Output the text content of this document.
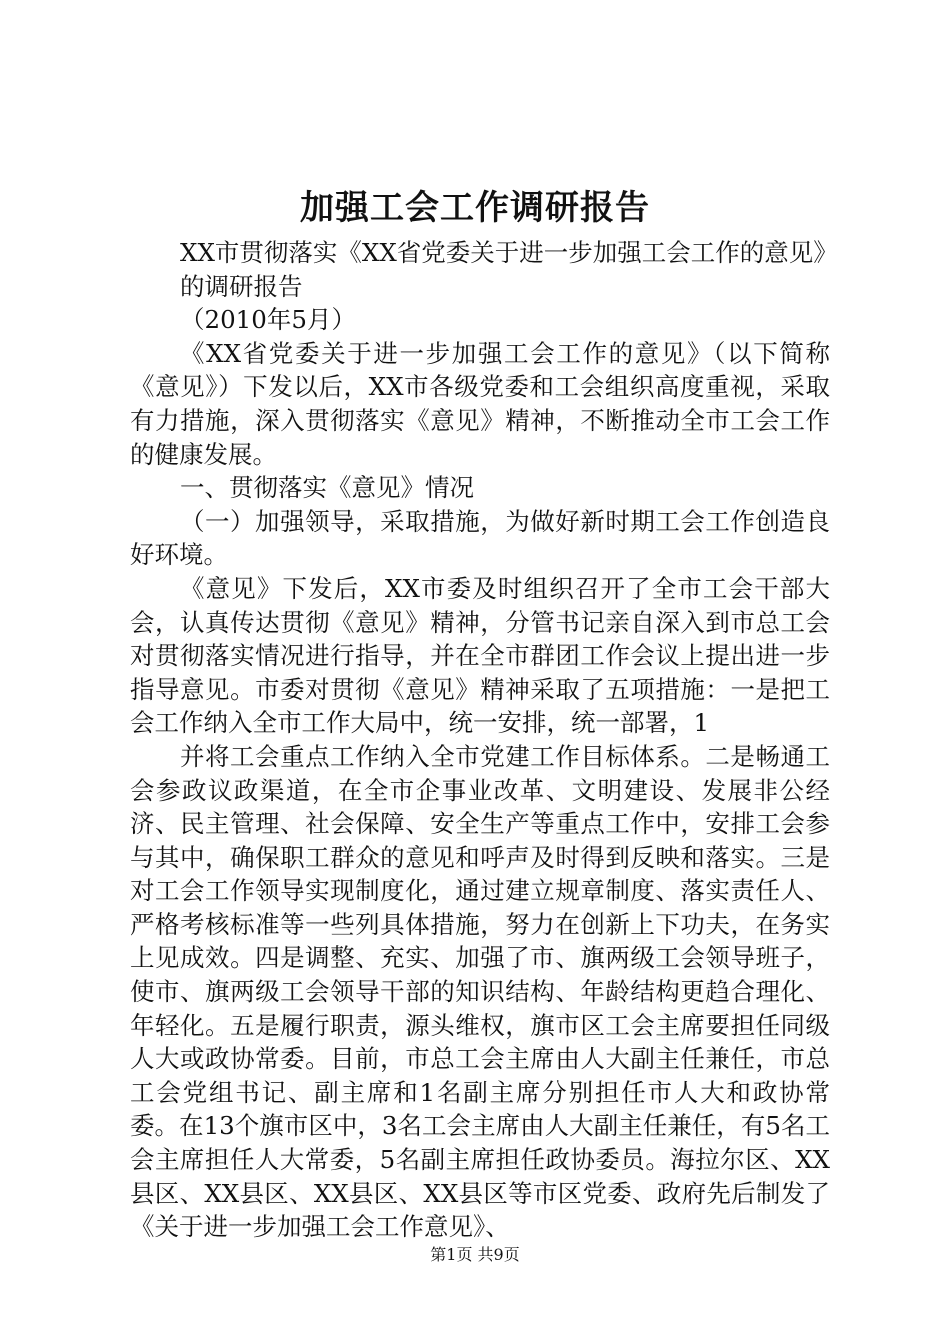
加强工会工作调研报告

XX市贯彻落实《XX省党委关于进一步加强工会工作的意见》

的调研报告

（2010年5月）

《XX省党委关于进一步加强工会工作的意见》（以下简称《意见》）下发以后，XX市各级党委和工会组织高度重视，采取有力措施，深入贯彻落实《意见》精神，不断推动全市工会工作的健康发展。

一、贯彻落实《意见》情况

（一）加强领导，采取措施，为做好新时期工会工作创造良好环境。

《意见》下发后，XX市委及时组织召开了全市工会干部大会，认真传达贯彻《意见》精神，分管书记亲自深入到市总工会对贯彻落实情况进行指导，并在全市群团工作会议上提出进一步指导意见。市委对贯彻《意见》精神采取了五项措施：一是把工会工作纳入全市工作大局中，统一安排，统一部署，1

并将工会重点工作纳入全市党建工作目标体系。二是畅通工会参政议政渠道，在全市企事业改革、文明建设、发展非公经济、民主管理、社会保障、安全生产等重点工作中，安排工会参与其中，确保职工群众的意见和呼声及时得到反映和落实。三是对工会工作领导实现制度化，通过建立规章制度、落实责任人、严格考核标准等一些列具体措施，努力在创新上下功夫，在务实上见成效。四是调整、充实、加强了市、旗两级工会领导班子，使市、旗两级工会领导干部的知识结构、年龄结构更趋合理化、年轻化。五是履行职责，源头维权，旗市区工会主席要担任同级人大或政协常委。目前，市总工会主席由人大副主任兼任，市总工会党组书记、副主席和1名副主席分别担任市人大和政协常委。在13个旗市区中，3名工会主席由人大副主任兼任，有5名工会主席担任人大常委，5名副主席担任政协委员。海拉尔区、XX县区、XX县区、XX县区、XX县区等市区党委、政府先后制发了《关于进一步加强工会工作意见》、

第1页 共9页
